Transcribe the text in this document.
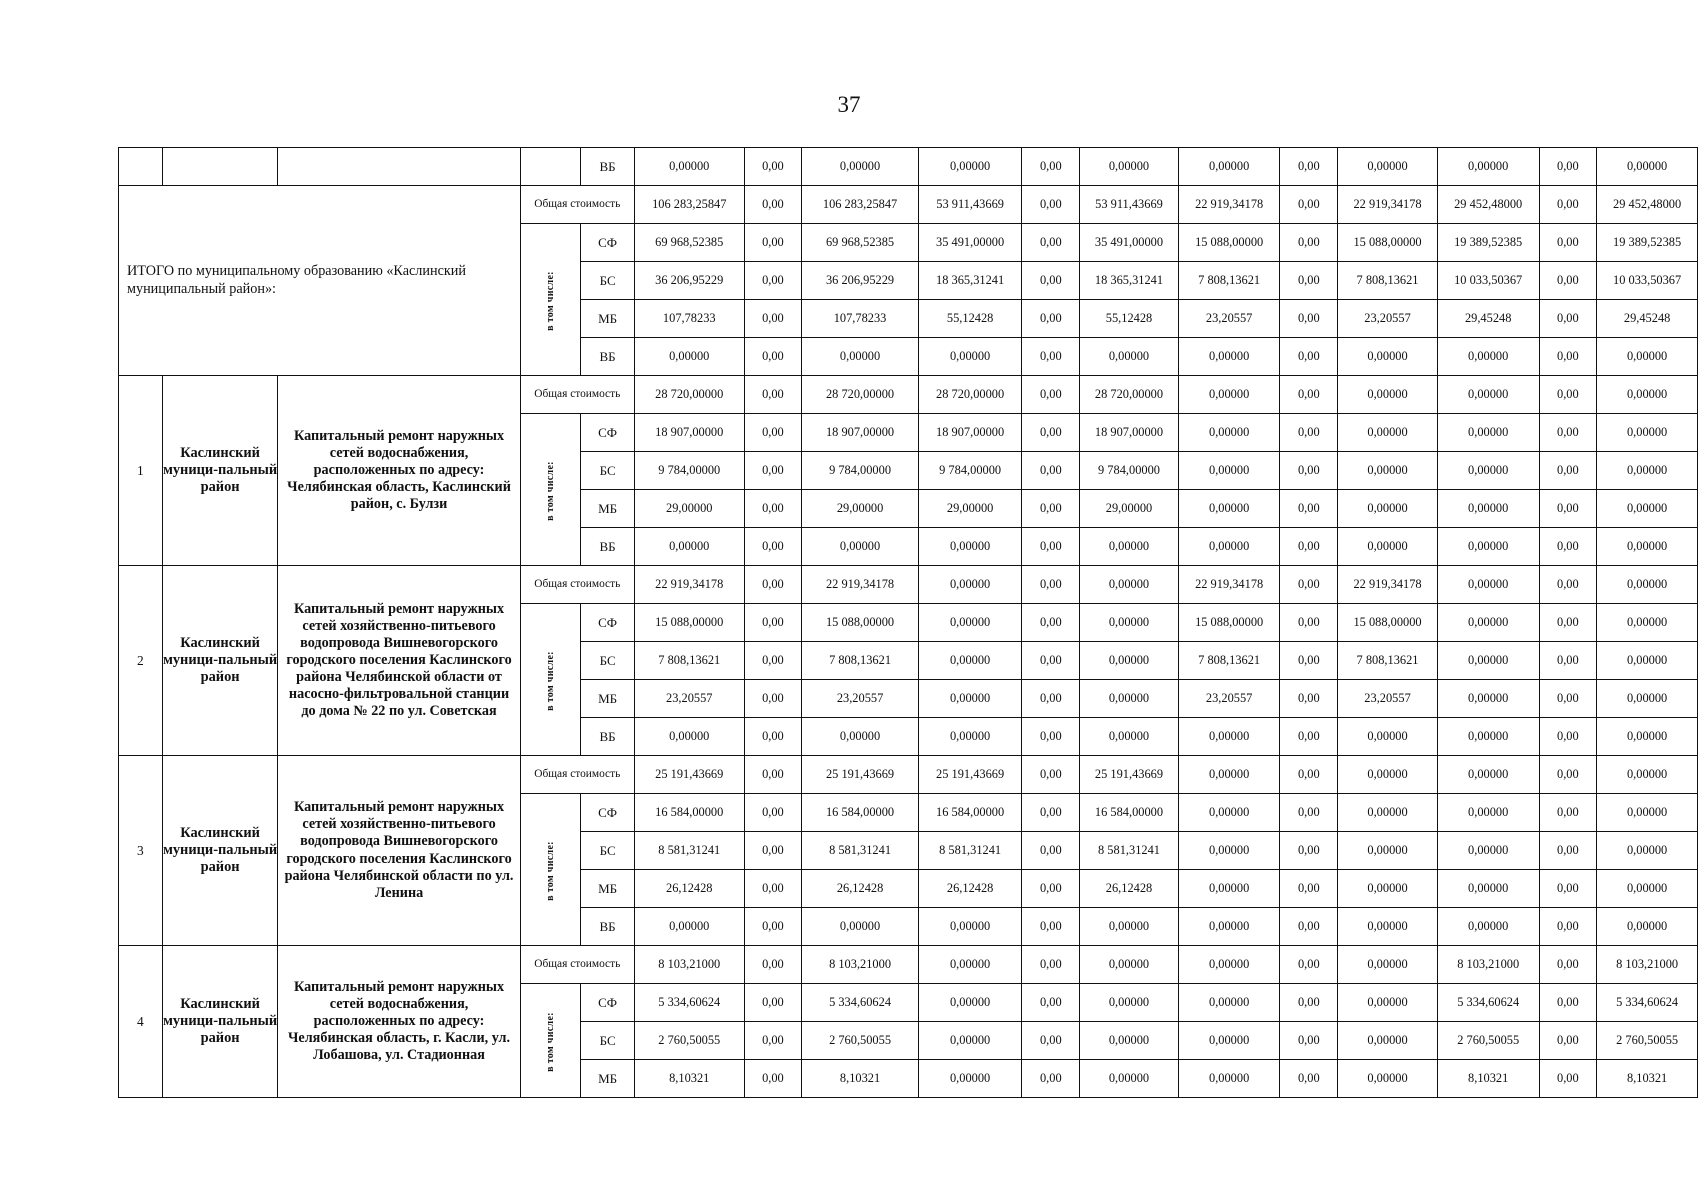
37
				ВБ	0,00000	0,00	0,00000	0,00000	0,00	0,00000	0,00000	0,00	0,00000	0,00000	0,00	0,00000
ИТОГО по муниципальному образованию «Каслинский муниципальный район»:			Общая стоимость		106 283,25847	0,00	106 283,25847	53 911,43669	0,00	53 911,43669	22 919,34178	0,00	22 919,34178	29 452,48000	0,00	29 452,48000
			в том числе:	СФ	69 968,52385	0,00	69 968,52385	35 491,00000	0,00	35 491,00000	15 088,00000	0,00	15 088,00000	19 389,52385	0,00	19 389,52385
				БС	36 206,95229	0,00	36 206,95229	18 365,31241	0,00	18 365,31241	7 808,13621	0,00	7 808,13621	10 033,50367	0,00	10 033,50367
				МБ	107,78233	0,00	107,78233	55,12428	0,00	55,12428	23,20557	0,00	23,20557	29,45248	0,00	29,45248
				ВБ	0,00000	0,00	0,00000	0,00000	0,00	0,00000	0,00000	0,00	0,00000	0,00000	0,00	0,00000
1	Каслинский муници-пальный район	Капитальный ремонт наружных сетей водоснабжения, расположенных по адресу: Челябинская область, Каслинский район, с. Булзи	Общая стоимость		28 720,00000	0,00	28 720,00000	28 720,00000	0,00	28 720,00000	0,00000	0,00	0,00000	0,00000	0,00	0,00000
			в том числе:	СФ	18 907,00000	0,00	18 907,00000	18 907,00000	0,00	18 907,00000	0,00000	0,00	0,00000	0,00000	0,00	0,00000
				БС	9 784,00000	0,00	9 784,00000	9 784,00000	0,00	9 784,00000	0,00000	0,00	0,00000	0,00000	0,00	0,00000
				МБ	29,00000	0,00	29,00000	29,00000	0,00	29,00000	0,00000	0,00	0,00000	0,00000	0,00	0,00000
				ВБ	0,00000	0,00	0,00000	0,00000	0,00	0,00000	0,00000	0,00	0,00000	0,00000	0,00	0,00000
2	Каслинский муници-пальный район	Капитальный ремонт наружных сетей хозяйственно-питьевого водопровода Вишневогорского городского поселения Каслинского района Челябинской области от насосно-фильтровальной станции до дома № 22 по ул. Советская	Общая стоимость		22 919,34178	0,00	22 919,34178	0,00000	0,00	0,00000	22 919,34178	0,00	22 919,34178	0,00000	0,00	0,00000
			в том числе:	СФ	15 088,00000	0,00	15 088,00000	0,00000	0,00	0,00000	15 088,00000	0,00	15 088,00000	0,00000	0,00	0,00000
				БС	7 808,13621	0,00	7 808,13621	0,00000	0,00	0,00000	7 808,13621	0,00	7 808,13621	0,00000	0,00	0,00000
				МБ	23,20557	0,00	23,20557	0,00000	0,00	0,00000	23,20557	0,00	23,20557	0,00000	0,00	0,00000
				ВБ	0,00000	0,00	0,00000	0,00000	0,00	0,00000	0,00000	0,00	0,00000	0,00000	0,00	0,00000
3	Каслинский муници-пальный район	Капитальный ремонт наружных сетей хозяйственно-питьевого водопровода Вишневогорского городского поселения Каслинского района Челябинской области по ул. Ленина	Общая стоимость		25 191,43669	0,00	25 191,43669	25 191,43669	0,00	25 191,43669	0,00000	0,00	0,00000	0,00000	0,00	0,00000
			в том числе:	СФ	16 584,00000	0,00	16 584,00000	16 584,00000	0,00	16 584,00000	0,00000	0,00	0,00000	0,00000	0,00	0,00000
				БС	8 581,31241	0,00	8 581,31241	8 581,31241	0,00	8 581,31241	0,00000	0,00	0,00000	0,00000	0,00	0,00000
				МБ	26,12428	0,00	26,12428	26,12428	0,00	26,12428	0,00000	0,00	0,00000	0,00000	0,00	0,00000
				ВБ	0,00000	0,00	0,00000	0,00000	0,00	0,00000	0,00000	0,00	0,00000	0,00000	0,00	0,00000
4	Каслинский муници-пальный район	Капитальный ремонт наружных сетей водоснабжения, расположенных по адресу: Челябинская область, г. Касли, ул. Лобашова, ул. Стадионная	Общая стоимость		8 103,21000	0,00	8 103,21000	0,00000	0,00	0,00000	0,00000	0,00	0,00000	8 103,21000	0,00	8 103,21000
			в том числе:	СФ	5 334,60624	0,00	5 334,60624	0,00000	0,00	0,00000	0,00000	0,00	0,00000	5 334,60624	0,00	5 334,60624
				БС	2 760,50055	0,00	2 760,50055	0,00000	0,00	0,00000	0,00000	0,00	0,00000	2 760,50055	0,00	2 760,50055
				МБ	8,10321	0,00	8,10321	0,00000	0,00	0,00000	0,00000	0,00	0,00000	8,10321	0,00	8,10321
